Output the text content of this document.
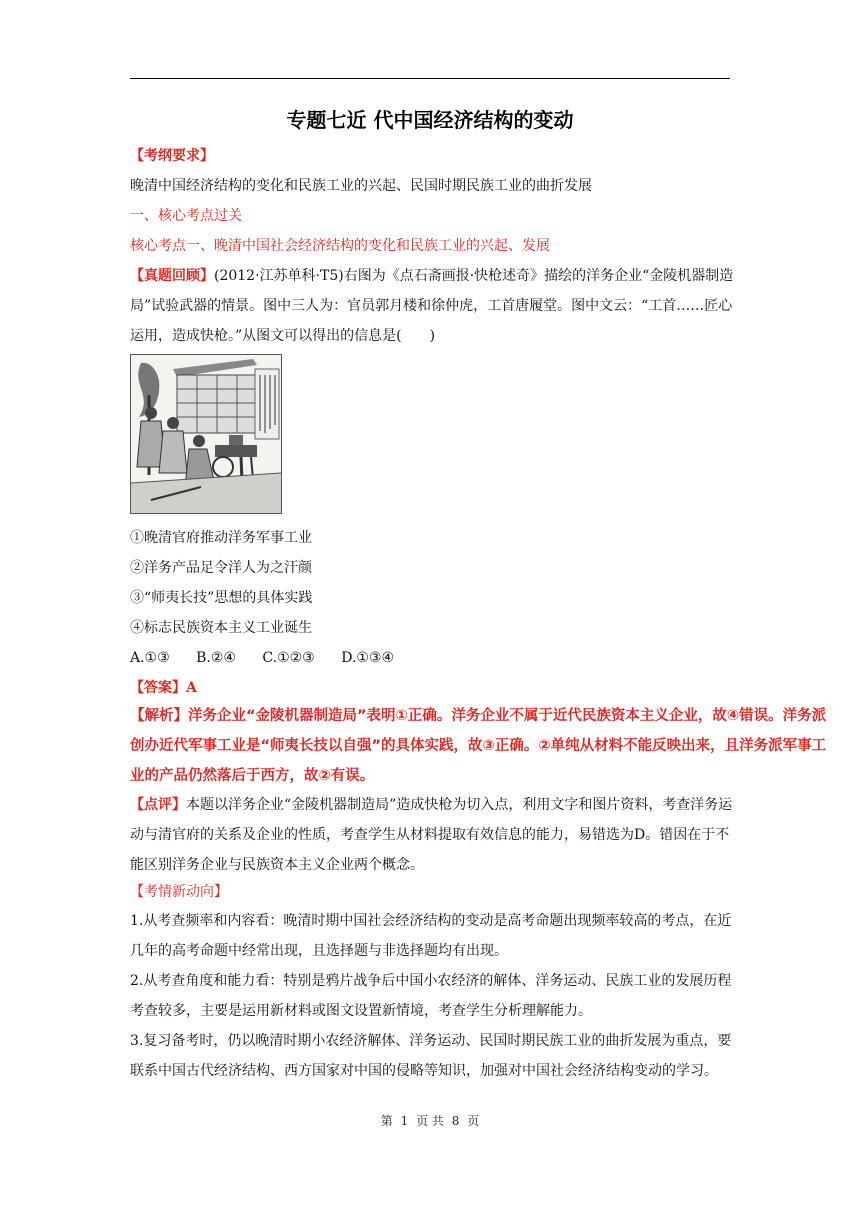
专题七近 代中国经济结构的变动
【考纲要求】
晚清中国经济结构的变化和民族工业的兴起、民国时期民族工业的曲折发展
一、核心考点过关
核心考点一、晚清中国社会经济结构的变化和民族工业的兴起、发展
【真题回顾】(2012·江苏单科·T5)右图为《点石斋画报·快枪述奇》描绘的洋务企业“金陵机器制造局”试验武器的情景。图中三人为：官员郭月楼和徐仲虎，工首唐履堂。图中文云：“工首……匠心运用，造成快枪。”从图文可以得出的信息是(　　)
①晚清官府推动洋务军事工业
②洋务产品足令洋人为之汗颜
③“师夷长技”思想的具体实践
④标志民族资本主义工业诞生
A.①③ B.②④ C.①②③ D.①③④
【答案】A
【解析】洋务企业“金陵机器制造局”表明①正确。洋务企业不属于近代民族资本主义企业，故④错误。洋务派创办近代军事工业是“师夷长技以自强”的具体实践，故③正确。②单纯从材料不能反映出来，且洋务派军事工业的产品仍然落后于西方，故②有误。
【点评】本题以洋务企业“金陵机器制造局”造成快枪为切入点，利用文字和图片资料，考查洋务运动与清官府的关系及企业的性质，考查学生从材料提取有效信息的能力，易错选为D。错因在于不能区别洋务企业与民族资本主义企业两个概念。
【考情新动向】
1.从考查频率和内容看：晚清时期中国社会经济结构的变动是高考命题出现频率较高的考点，在近几年的高考命题中经常出现，且选择题与非选择题均有出现。
2.从考查角度和能力看：特别是鸦片战争后中国小农经济的解体、洋务运动、民族工业的发展历程考查较多，主要是运用新材料或图文设置新情境，考查学生分析理解能力。
3.复习备考时，仍以晚清时期小农经济解体、洋务运动、民国时期民族工业的曲折发展为重点，要联系中国古代经济结构、西方国家对中国的侵略等知识，加强对中国社会经济结构变动的学习。
第 1 页 共 8 页
